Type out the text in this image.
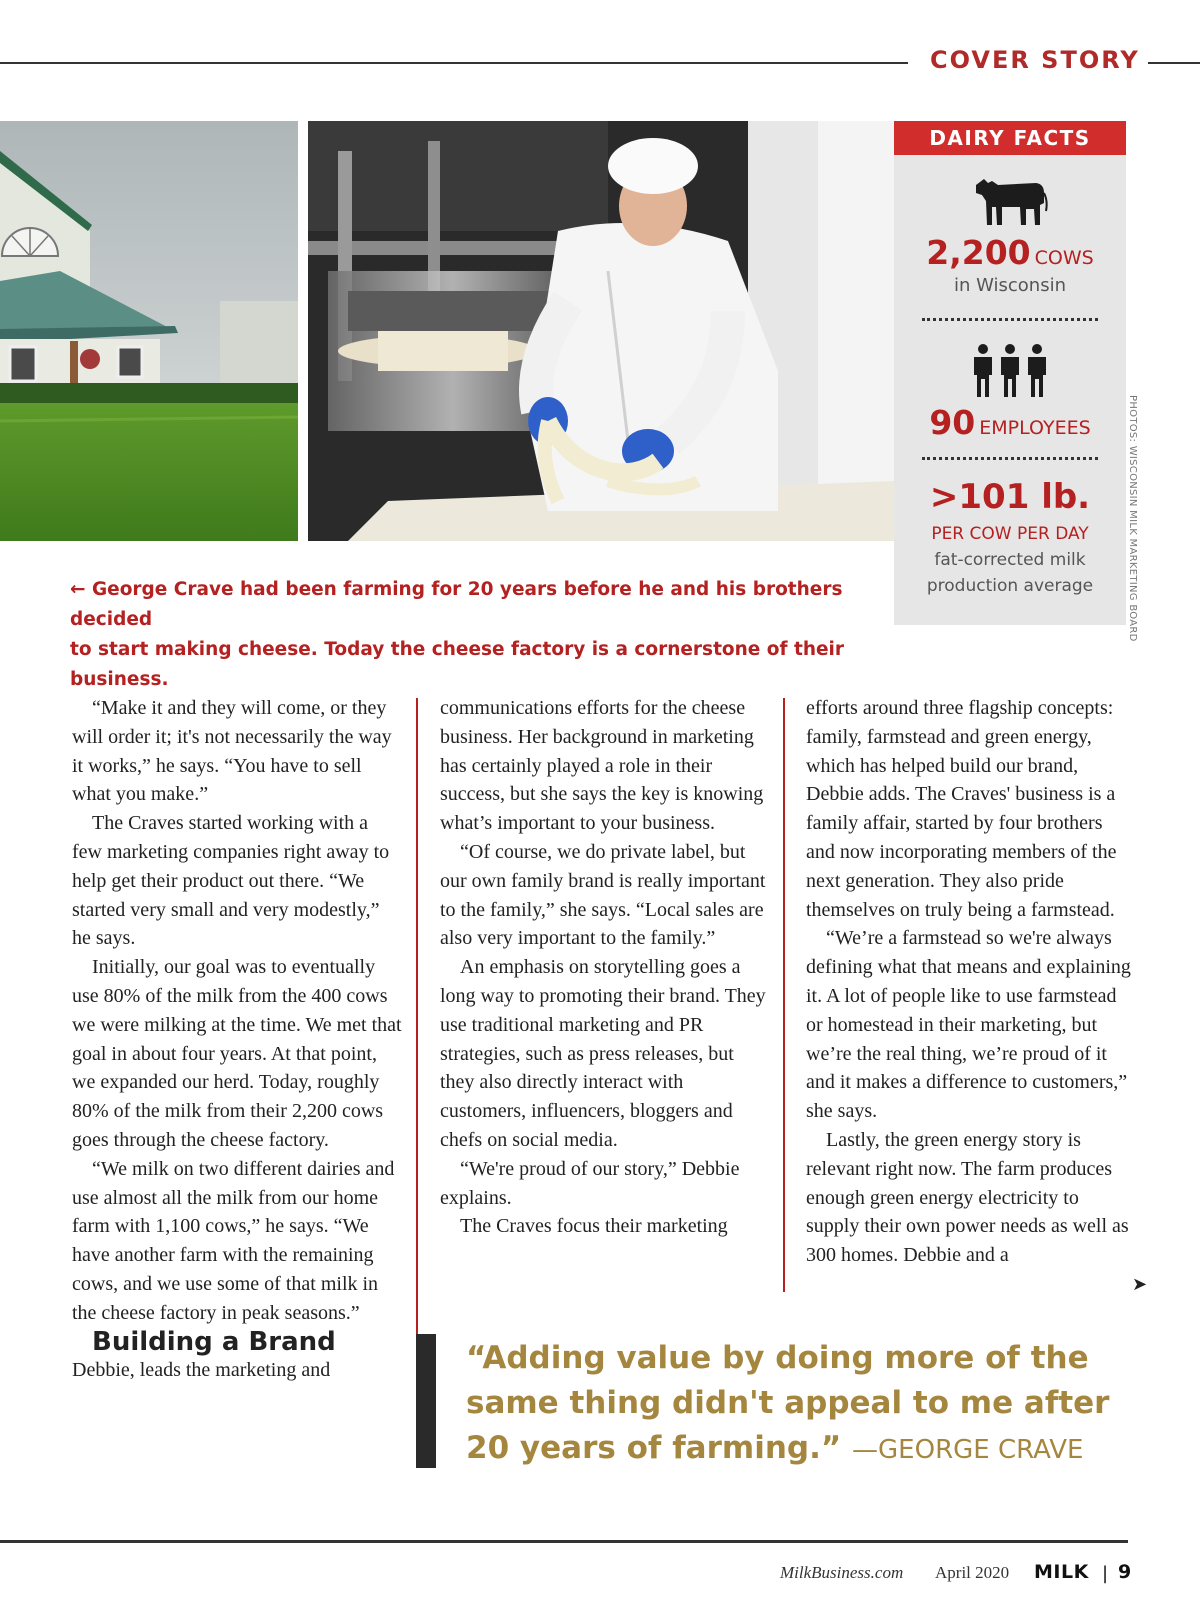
COVER STORY
DAIRY FACTS
2,200 COWS
in Wisconsin
90 EMPLOYEES
>101 lb.
PER COW PER DAY
fat-corrected milk
production average	PHOTOS: WISCONSIN MILK MARKETING BOARD
← George Crave had been farming for 20 years before he and his brothers decided
to start making cheese. Today the cheese factory is a cornerstone of their business.

“Make it and they will come, or they will order it; it's not necessarily the way it works,” he says. “You have to sell what you make.”

The Craves started working with a few marketing companies right away to help get their product out there. “We started very small and very modestly,” he says.

Initially, our goal was to eventually use 80% of the milk from the 400 cows we were milking at the time. We met that goal in about four years. At that point, we expanded our herd. Today, roughly 80% of the milk from their 2,200 cows goes through the cheese factory.

“We milk on two different dairies and use almost all the milk from our home farm with 1,100 cows,” he says. “We have another farm with the remaining cows, and we use some of that milk in the cheese factory in peak seasons.”

Building a Brand

Debbie, leads the marketing and

communications efforts for the cheese business. Her background in marketing has certainly played a role in their success, but she says the key is knowing what’s important to your business.

“Of course, we do private label, but our own family brand is really important to the family,” she says. “Local sales are also very important to the family.”

An emphasis on storytelling goes a long way to promoting their brand. They use traditional marketing and PR strategies, such as press releases, but they also directly interact with customers, influencers, bloggers and chefs on social media.

“We're proud of our story,” Debbie explains.

The Craves focus their marketing

efforts around three flagship concepts: family, farmstead and green energy, which has helped build our brand, Debbie adds. The Craves' business is a family affair, started by four brothers and now incorporating members of the next generation. They also pride themselves on truly being a farmstead.

“We’re a farmstead so we're always defining what that means and explaining it. A lot of people like to use farmstead or homestead in their marketing, but we’re the real thing, we’re proud of it and it makes a difference to customers,” she says.

Lastly, the green energy story is relevant right now. The farm produces enough green energy electricity to supply their own power needs as well as 300 homes. Debbie and a

➤
“Adding value by doing more of the same thing didn't appeal to me after 20 years of farming.” —GEORGE CRAVE
MilkBusiness.com April 2020 MILK | 9
